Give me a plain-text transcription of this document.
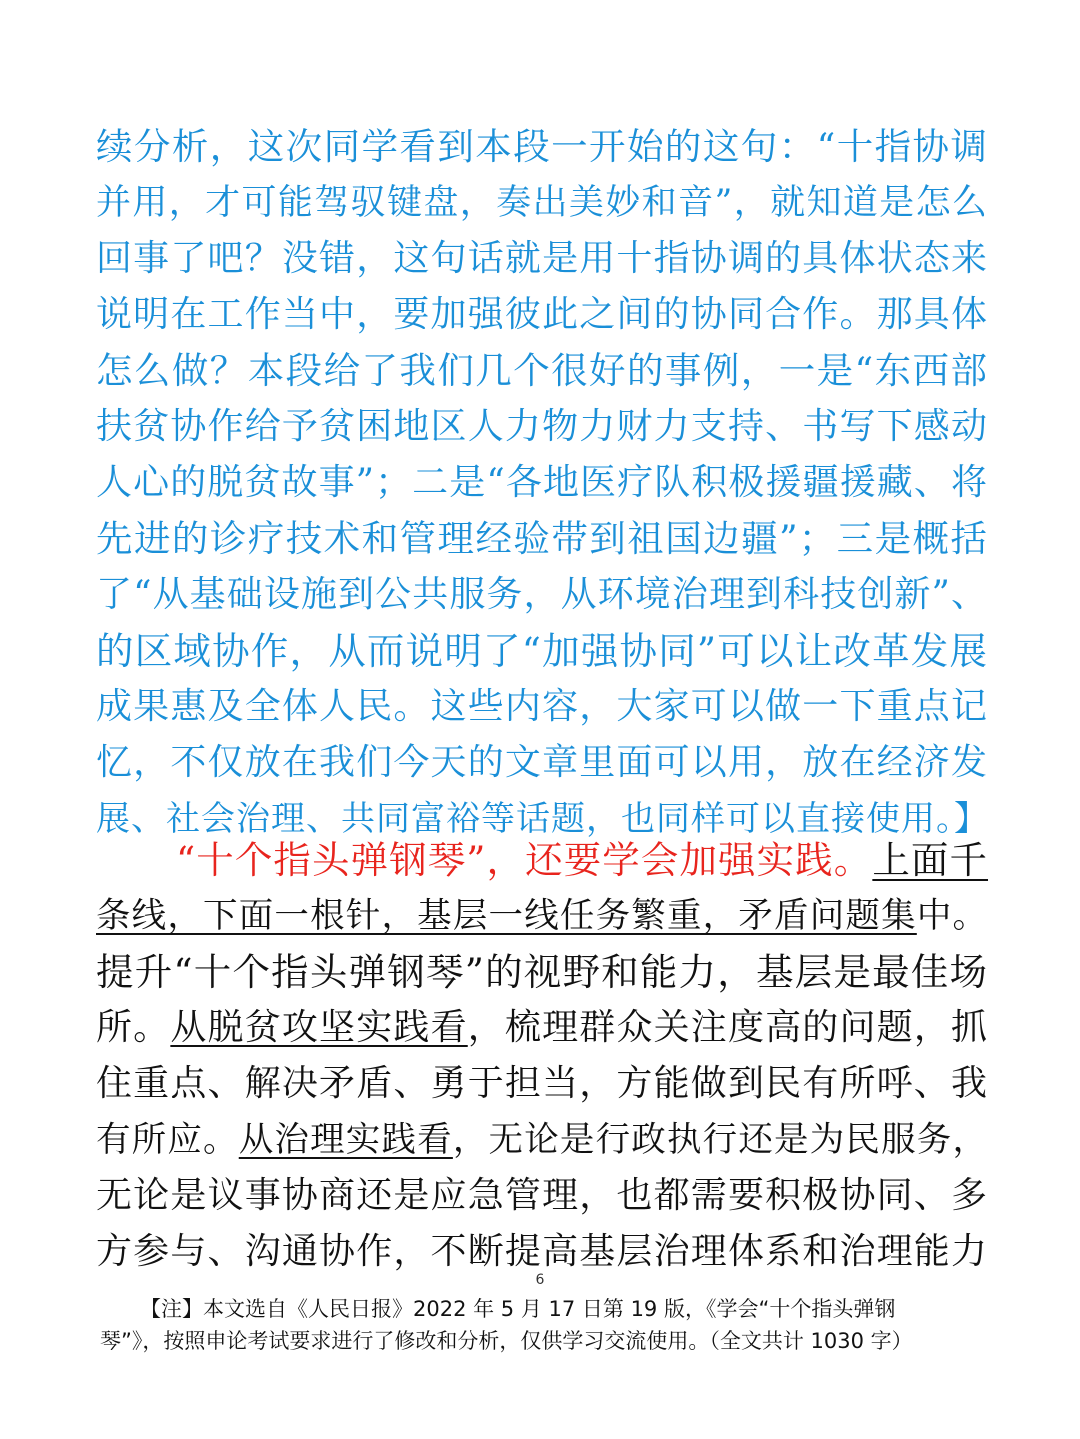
续分析，这次同学看到本段一开始的这句：“十指协调
并用，才可能驾驭键盘，奏出美妙和音”，就知道是怎么
回事了吧？没错，这句话就是用十指协调的具体状态来
说明在工作当中，要加强彼此之间的协同合作。那具体
怎么做？本段给了我们几个很好的事例，一是“东西部
扶贫协作给予贫困地区人力物力财力支持、书写下感动
人心的脱贫故事”；二是“各地医疗队积极援疆援藏、将
先进的诊疗技术和管理经验带到祖国边疆”；三是概括
了“从基础设施到公共服务，从环境治理到科技创新”、
的区域协作，从而说明了“加强协同”可以让改革发展
成果惠及全体人民。这些内容，大家可以做一下重点记
忆，不仅放在我们今天的文章里面可以用，放在经济发
展、社会治理、共同富裕等话题，也同样可以直接使用。】
“十个指头弹钢琴”，还要学会加强实践。上面千
条线，下面一根针，基层一线任务繁重，矛盾问题集中。
提升“十个指头弹钢琴”的视野和能力，基层是最佳场
所。从脱贫攻坚实践看，梳理群众关注度高的问题，抓
住重点、解决矛盾、勇于担当，方能做到民有所呼、我
有所应。从治理实践看，无论是行政执行还是为民服务，
无论是议事协商还是应急管理，也都需要积极协同、多
方参与、沟通协作，不断提高基层治理体系和治理能力
6
【注】本文选自《人民日报》2022 年 5 月 17 日第 19 版，《学会“十个指头弹钢
琴”》，按照申论考试要求进行了修改和分析，仅供学习交流使用。（全文共计 1030 字）
